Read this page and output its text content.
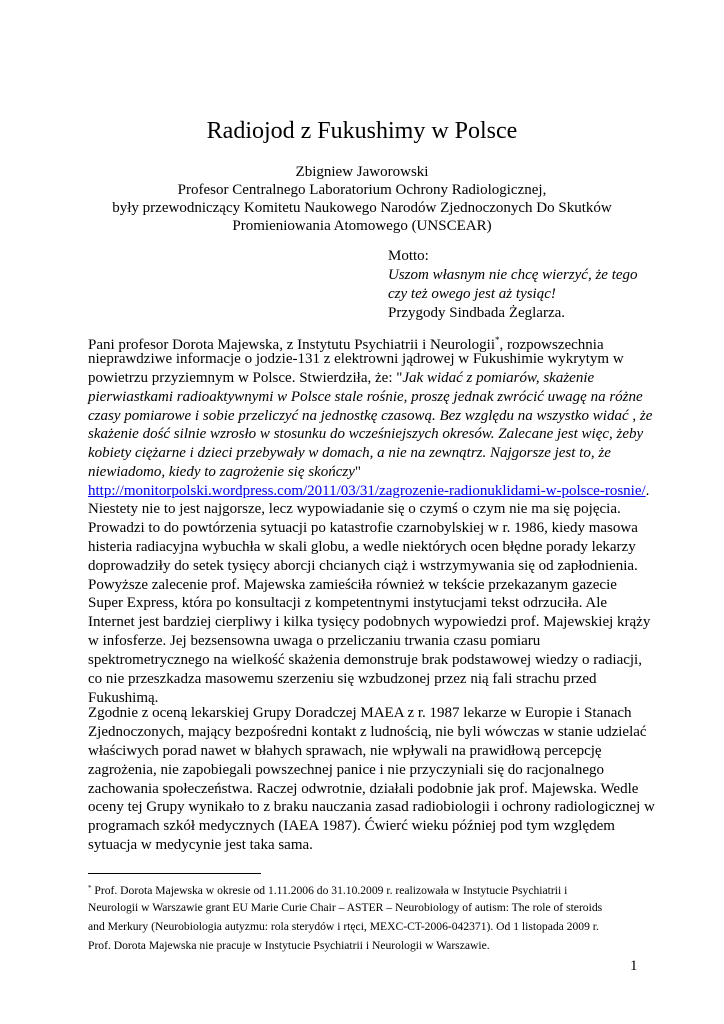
Radiojod z Fukushimy w Polsce
Zbigniew Jaworowski
Profesor Centralnego Laboratorium Ochrony Radiologicznej,
były przewodniczący Komitetu Naukowego Narodów Zjednoczonych Do Skutków
Promieniowania Atomowego (UNSCEAR)
Motto:
Uszom własnym nie chcę wierzyć, że tego
czy też owego jest aż tysiąc!
Przygody Sindbada Żeglarza.
Pani profesor Dorota Majewska, z Instytutu Psychiatrii i Neurologii*, rozpowszechnia
nieprawdziwe informacje o jodzie-131 z elektrowni jądrowej w Fukushimie wykrytym w
powietrzu przyziemnym w Polsce. Stwierdziła, że: "Jak widać z pomiarów, skażenie
pierwiastkami radioaktywnymi w Polsce stale rośnie, proszę jednak zwrócić uwagę na różne
czasy pomiarowe i sobie przeliczyć na jednostkę czasową. Bez względu na wszystko widać , że
skażenie dość silnie wzrosło w stosunku do wcześniejszych okresów. Zalecane jest więc, żeby
kobiety ciężarne i dzieci przebywały w domach, a nie na zewnątrz. Najgorsze jest to, że
niewiadomo, kiedy to zagrożenie się skończy"
http://monitorpolski.wordpress.com/2011/03/31/zagrozenie-radionuklidami-w-polsce-rosnie/.
Niestety nie to jest najgorsze, lecz wypowiadanie się o czymś o czym nie ma się pojęcia.
Prowadzi to do powtórzenia sytuacji po katastrofie czarnobylskiej w r. 1986, kiedy masowa
histeria radiacyjna wybuchła w skali globu, a wedle niektórych ocen błędne porady lekarzy
doprowadziły do setek tysięcy aborcji chcianych ciąż i wstrzymywania się od zapłodnienia.
Powyższe zalecenie prof. Majewska zamieściła również w tekście przekazanym gazecie
Super Express, która po konsultacji z kompetentnymi instytucjami tekst odrzuciła. Ale
Internet jest bardziej cierpliwy i kilka tysięcy podobnych wypowiedzi prof. Majewskiej krąży
w infosferze. Jej bezsensowna uwaga o przeliczaniu trwania czasu pomiaru
spektrometrycznego na wielkość skażenia demonstruje brak podstawowej wiedzy o radiacji,
co nie przeszkadza masowemu szerzeniu się wzbudzonej przez nią fali strachu przed
Fukushimą.
Zgodnie z oceną lekarskiej Grupy Doradczej MAEA z r. 1987 lekarze w Europie i Stanach
Zjednoczonych, mający bezpośredni kontakt z ludnością, nie byli wówczas w stanie udzielać
właściwych porad nawet w błahych sprawach, nie wpływali na prawidłową percepcję
zagrożenia, nie zapobiegali powszechnej panice i nie przyczyniali się do racjonalnego
zachowania społeczeństwa. Raczej odwrotnie, działali podobnie jak prof. Majewska. Wedle
oceny tej Grupy wynikało to z braku nauczania zasad radiobiologii i ochrony radiologicznej w
programach szkół medycznych (IAEA 1987). Ćwierć wieku później pod tym względem
sytuacja w medycynie jest taka sama.
* Prof. Dorota Majewska w okresie od 1.11.2006 do 31.10.2009 r. realizowała w Instytucie Psychiatrii i
Neurologii w Warszawie grant EU Marie Curie Chair – ASTER – Neurobiology of autism: The role of steroids
and Merkury (Neurobiologia autyzmu: rola sterydów i rtęci, MEXC-CT-2006-042371). Od 1 listopada 2009 r.
Prof. Dorota Majewska nie pracuje w Instytucie Psychiatrii i Neurologii w Warszawie.
1
